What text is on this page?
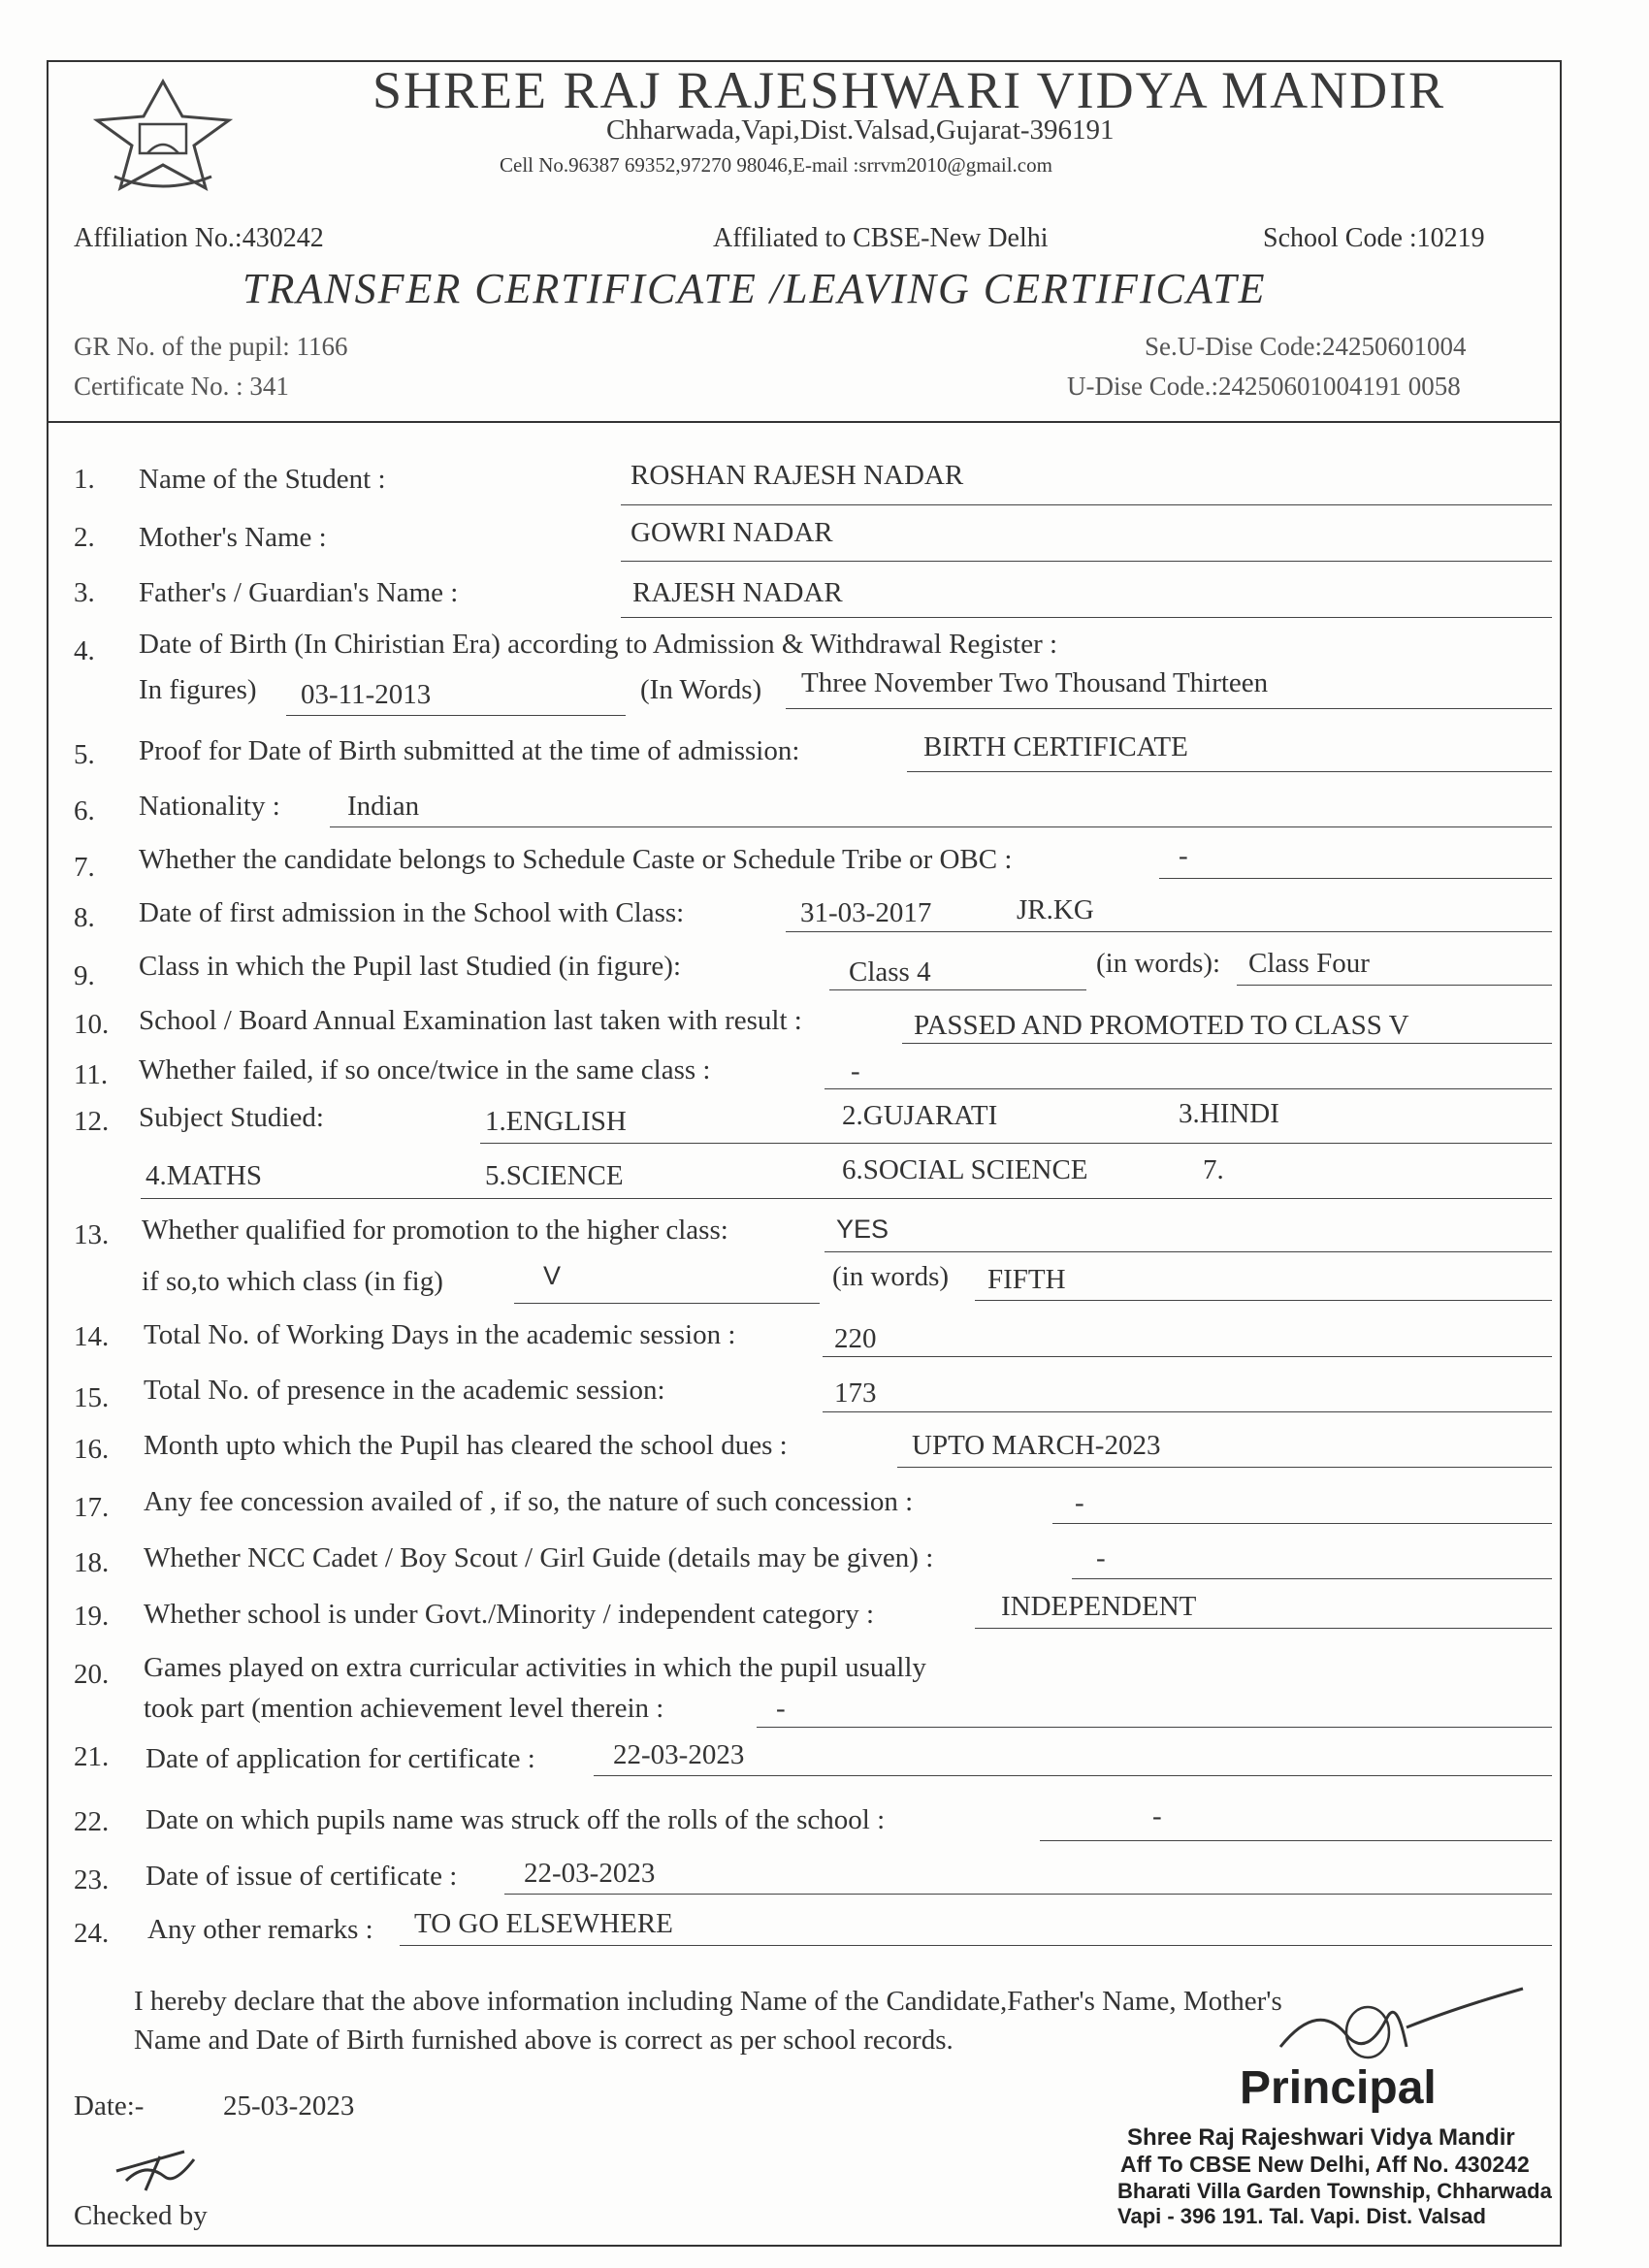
SHREE RAJ RAJESHWARI VIDYA MANDIR
Chharwada,Vapi,Dist.Valsad,Gujarat-396191
Cell No.96387 69352,97270 98046,E-mail :srrvm2010@gmail.com
Affiliation No.:430242	Affiliated to CBSE-New Delhi	School Code :10219
TRANSFER CERTIFICATE /LEAVING CERTIFICATE
GR No. of the pupil: 1166
Certificate No. : 341
Se.U-Dise Code:24250601004
U-Dise Code.:24250601004191 0058
1. Name of the Student :	ROSHAN RAJESH NADAR
2. Mother's Name :	GOWRI NADAR
3. Father's / Guardian's Name :	RAJESH NADAR
4. Date of Birth (In Chiristian Era) according to Admission & Withdrawal Register :
In figures) 03-11-2013	(In Words) Three November Two Thousand Thirteen
5. Proof for Date of Birth submitted at the time of admission:	BIRTH CERTIFICATE
6. Nationality : Indian
7. Whether the candidate belongs to Schedule Caste or Schedule Tribe or OBC :	-
8. Date of first admission in the School with Class:	31-03-2017	JR.KG
9. Class in which the Pupil last Studied (in figure):	Class 4	(in words): Class Four
10. School / Board Annual Examination last taken with result :	PASSED AND PROMOTED TO CLASS V
11. Whether failed, if so once/twice in the same class :	-
12. Subject Studied:	1.ENGLISH	2.GUJARATI	3.HINDI
4.MATHS	5.SCIENCE	6.SOCIAL SCIENCE	7.
13. Whether qualified for promotion to the higher class:	YES
if so,to which class (in fig)	V	(in words) FIFTH
14. Total No. of Working Days in the academic session :	220
15. Total No. of presence in the academic session:	173
16. Month upto which the Pupil has cleared the school dues :	UPTO MARCH-2023
17. Any fee concession availed of , if so, the nature of such concession :	-
18. Whether NCC Cadet / Boy Scout / Girl Guide (details may be given) :	-
19. Whether school is under Govt./Minority / independent category :	INDEPENDENT
20. Games played on extra curricular activities in which the pupil usually
took part (mention achievement level therein :	-
21. Date of application for certificate :	22-03-2023
22. Date on which pupils name was struck off the rolls of the school :	-
23. Date of issue of certificate : 22-03-2023
24. Any other remarks : TO GO ELSEWHERE
I hereby declare that the above information including Name of the Candidate,Father's Name, Mother's
Name and Date of Birth furnished above is correct as per school records.
Date:-	25-03-2023
Checked by
Principal
Shree Raj Rajeshwari Vidya Mandir
Aff To CBSE New Delhi, Aff No. 430242
Bharati Villa Garden Township, Chharwada
Vapi - 396 191. Tal. Vapi. Dist. Valsad
